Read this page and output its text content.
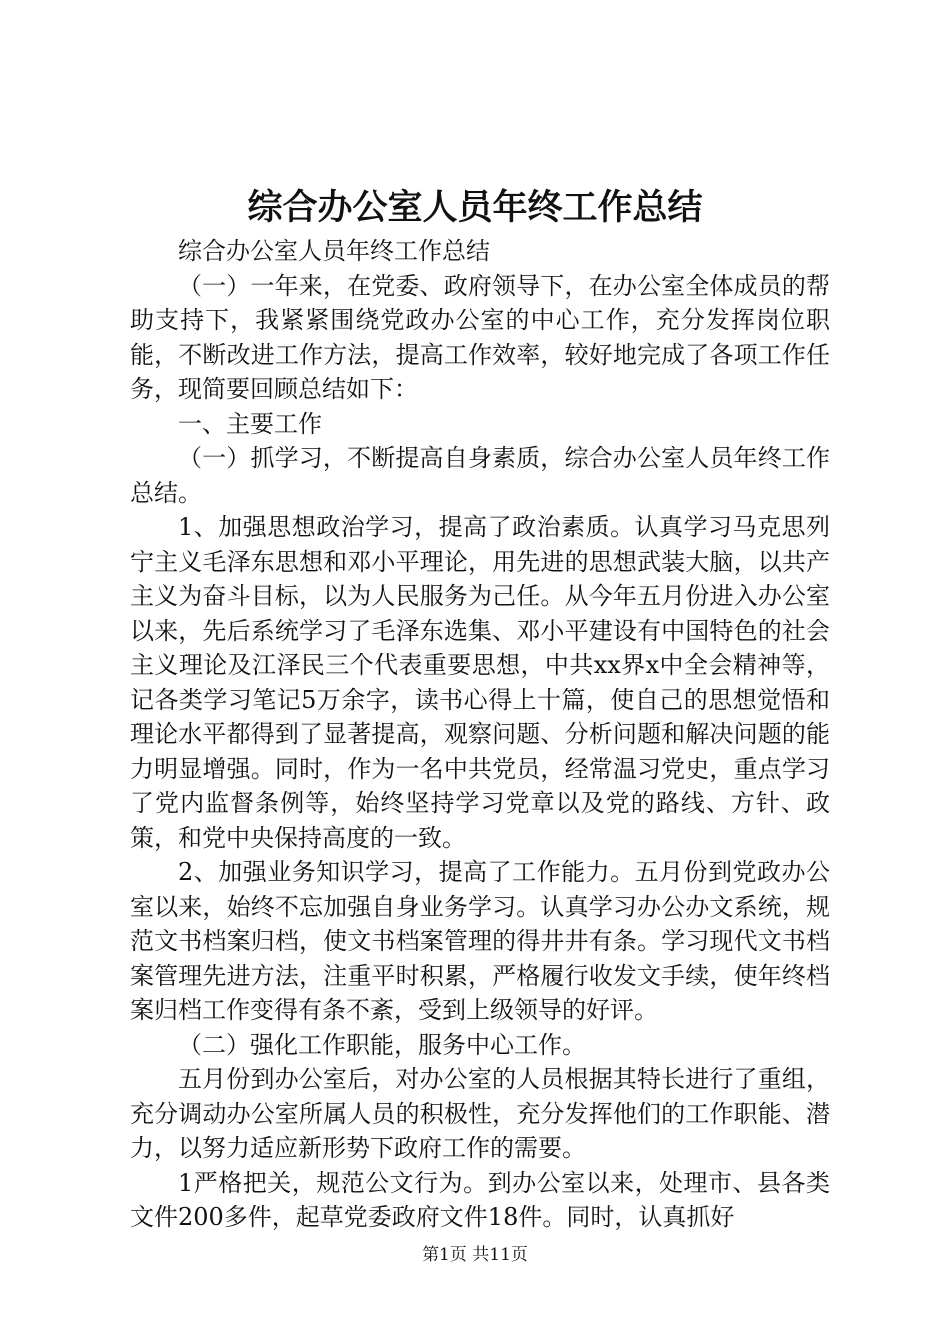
综合办公室人员年终工作总结

综合办公室人员年终工作总结

（一）一年来，在党委、政府领导下，在办公室全体成员的帮助支持下，我紧紧围绕党政办公室的中心工作，充分发挥岗位职能，不断改进工作方法，提高工作效率，较好地完成了各项工作任务，现简要回顾总结如下：

一、主要工作

（一）抓学习，不断提高自身素质，综合办公室人员年终工作总结。

1、加强思想政治学习，提高了政治素质。认真学习马克思列宁主义毛泽东思想和邓小平理论，用先进的思想武装大脑，以共产主义为奋斗目标，以为人民服务为己任。从今年五月份进入办公室以来，先后系统学习了毛泽东选集、邓小平建设有中国特色的社会主义理论及江泽民三个代表重要思想，中共xx界x中全会精神等，记各类学习笔记5万余字，读书心得上十篇，使自己的思想觉悟和理论水平都得到了显著提高，观察问题、分析问题和解决问题的能力明显增强。同时，作为一名中共党员，经常温习党史，重点学习了党内监督条例等，始终坚持学习党章以及党的路线、方针、政策，和党中央保持高度的一致。

2、加强业务知识学习，提高了工作能力。五月份到党政办公室以来，始终不忘加强自身业务学习。认真学习办公办文系统，规范文书档案归档，使文书档案管理的得井井有条。学习现代文书档案管理先进方法，注重平时积累，严格履行收发文手续，使年终档案归档工作变得有条不紊，受到上级领导的好评。

（二）强化工作职能，服务中心工作。

五月份到办公室后，对办公室的人员根据其特长进行了重组，充分调动办公室所属人员的积极性，充分发挥他们的工作职能、潜力，以努力适应新形势下政府工作的需要。

1严格把关，规范公文行为。到办公室以来，处理市、县各类文件200多件，起草党委政府文件18件。同时，认真抓好

第1页 共11页
